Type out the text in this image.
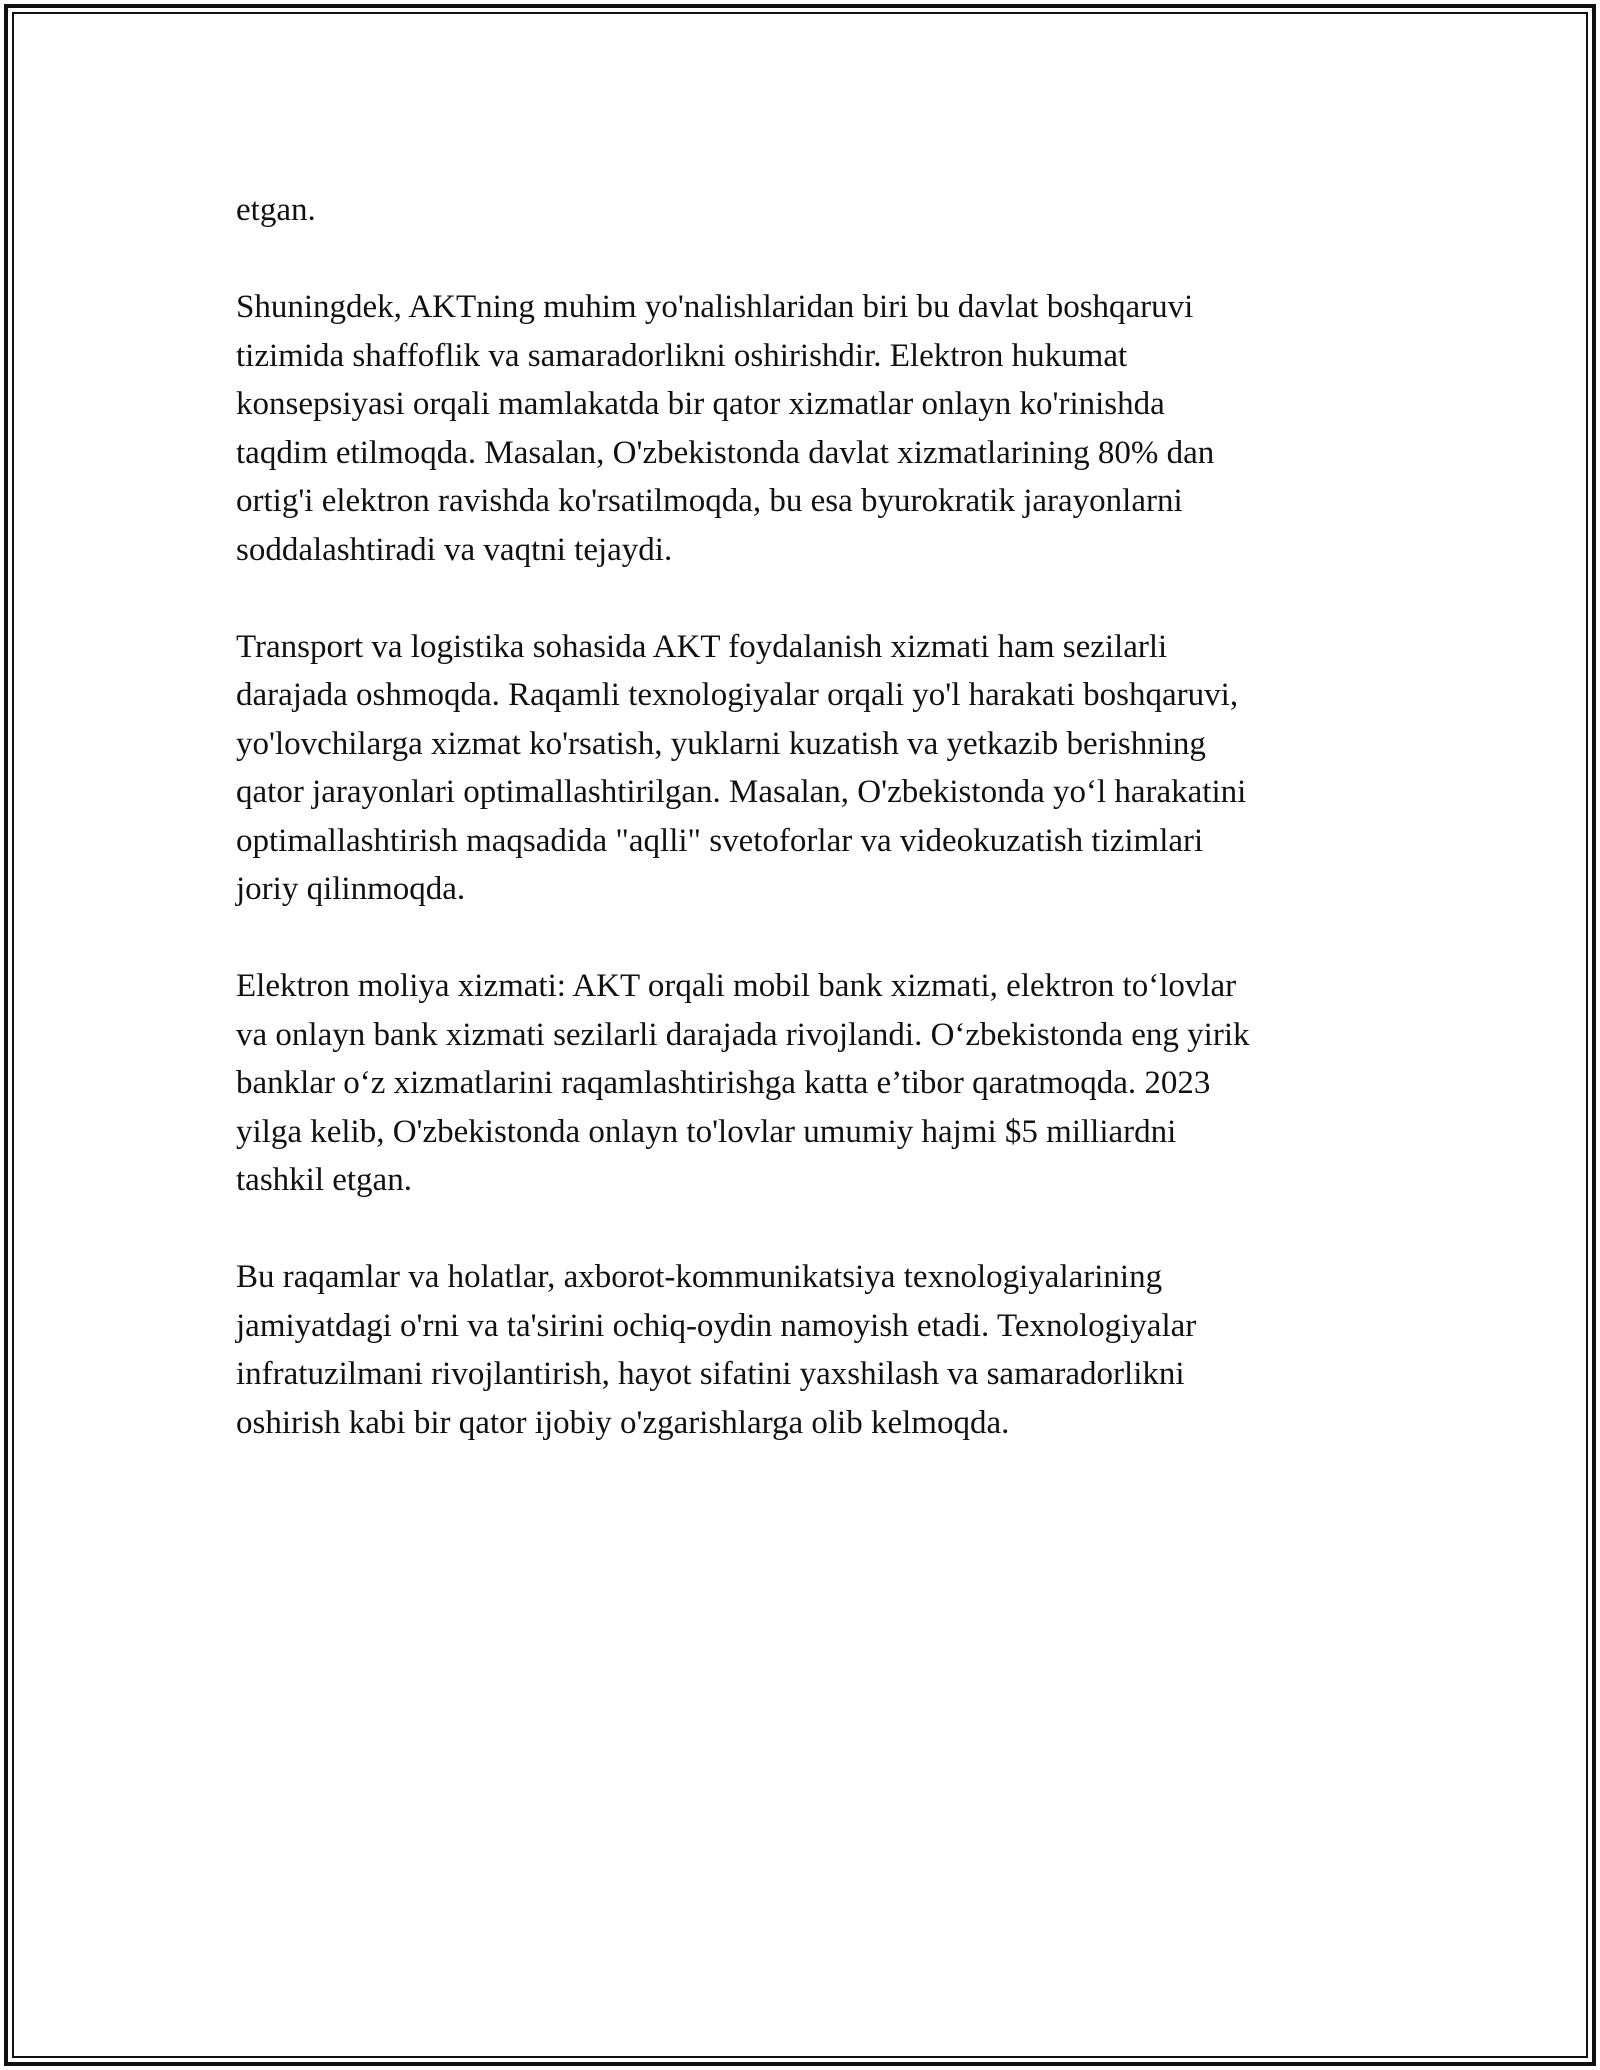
etgan.

Shuningdek, AKTning muhim yo'nalishlaridan biri bu davlat boshqaruvi
tizimida shaffoflik va samaradorlikni oshirishdir. Elektron hukumat
konsepsiyasi orqali mamlakatda bir qator xizmatlar onlayn ko'rinishda
taqdim etilmoqda. Masalan, O'zbekistonda davlat xizmatlarining 80% dan
ortig'i elektron ravishda ko'rsatilmoqda, bu esa byurokratik jarayonlarni
soddalashtiradi va vaqtni tejaydi.

Transport va logistika sohasida AKT foydalanish xizmati ham sezilarli
darajada oshmoqda. Raqamli texnologiyalar orqali yo'l harakati boshqaruvi,
yo'lovchilarga xizmat ko'rsatish, yuklarni kuzatish va yetkazib berishning
qator jarayonlari optimallashtirilgan. Masalan, O'zbekistonda yo‘l harakatini
optimallashtirish maqsadida "aqlli" svetoforlar va videokuzatish tizimlari
joriy qilinmoqda.

Elektron moliya xizmati: AKT orqali mobil bank xizmati, elektron to‘lovlar
va onlayn bank xizmati sezilarli darajada rivojlandi. O‘zbekistonda eng yirik
banklar o‘z xizmatlarini raqamlashtirishga katta e’tibor qaratmoqda. 2023
yilga kelib, O'zbekistonda onlayn to'lovlar umumiy hajmi $5 milliardni
tashkil etgan.

Bu raqamlar va holatlar, axborot-kommunikatsiya texnologiyalarining
jamiyatdagi o'rni va ta'sirini ochiq-oydin namoyish etadi. Texnologiyalar
infratuzilmani rivojlantirish, hayot sifatini yaxshilash va samaradorlikni
oshirish kabi bir qator ijobiy o'zgarishlarga olib kelmoqda.
